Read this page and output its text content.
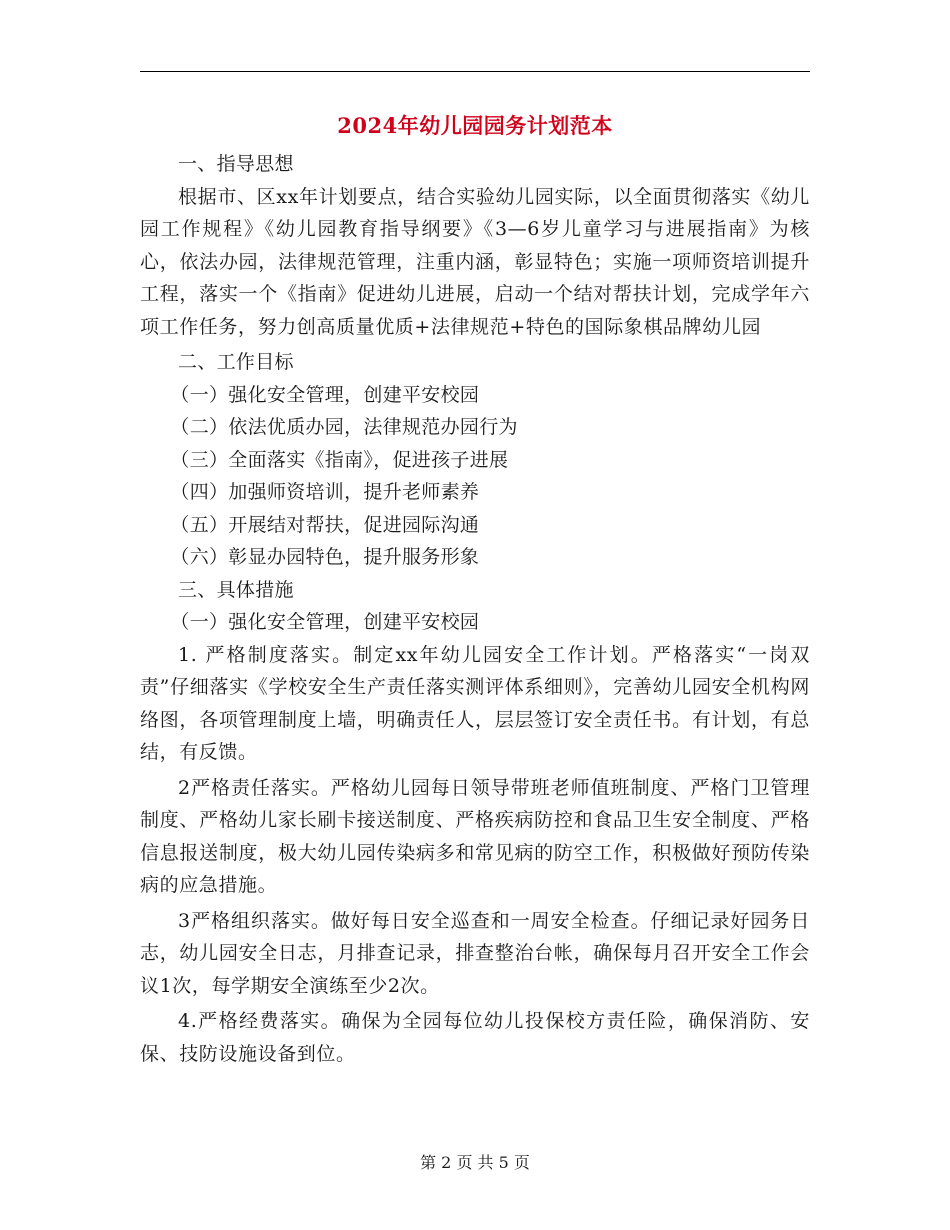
2024年幼儿园园务计划范本
一、指导思想

根据市、区xx年计划要点，结合实验幼儿园实际，以全面贯彻落实《幼儿园工作规程》《幼儿园教育指导纲要》《3—6岁儿童学习与进展指南》为核心，依法办园，法律规范管理，注重内涵，彰显特色；实施一项师资培训提升工程，落实一个《指南》促进幼儿进展，启动一个结对帮扶计划，完成学年六项工作任务，努力创高质量优质+法律规范+特色的国际象棋品牌幼儿园

二、工作目标
（一）强化安全管理，创建平安校园
（二）依法优质办园，法律规范办园行为
（三）全面落实《指南》，促进孩子进展
（四）加强师资培训，提升老师素养
（五）开展结对帮扶，促进园际沟通
（六）彰显办园特色，提升服务形象
三、具体措施
（一）强化安全管理，创建平安校园

1. 严格制度落实。制定xx年幼儿园安全工作计划。严格落实“一岗双责”仔细落实《学校安全生产责任落实测评体系细则》，完善幼儿园安全机构网络图，各项管理制度上墙，明确责任人，层层签订安全责任书。有计划，有总结，有反馈。

2严格责任落实。严格幼儿园每日领导带班老师值班制度、严格门卫管理制度、严格幼儿家长刷卡接送制度、严格疾病防控和食品卫生安全制度、严格信息报送制度，极大幼儿园传染病多和常见病的防空工作，积极做好预防传染病的应急措施。

3严格组织落实。做好每日安全巡查和一周安全检查。仔细记录好园务日志，幼儿园安全日志，月排查记录，排查整治台帐，确保每月召开安全工作会议1次，每学期安全演练至少2次。

4.严格经费落实。确保为全园每位幼儿投保校方责任险，确保消防、安保、技防设施设备到位。

第 2 页 共 5 页
